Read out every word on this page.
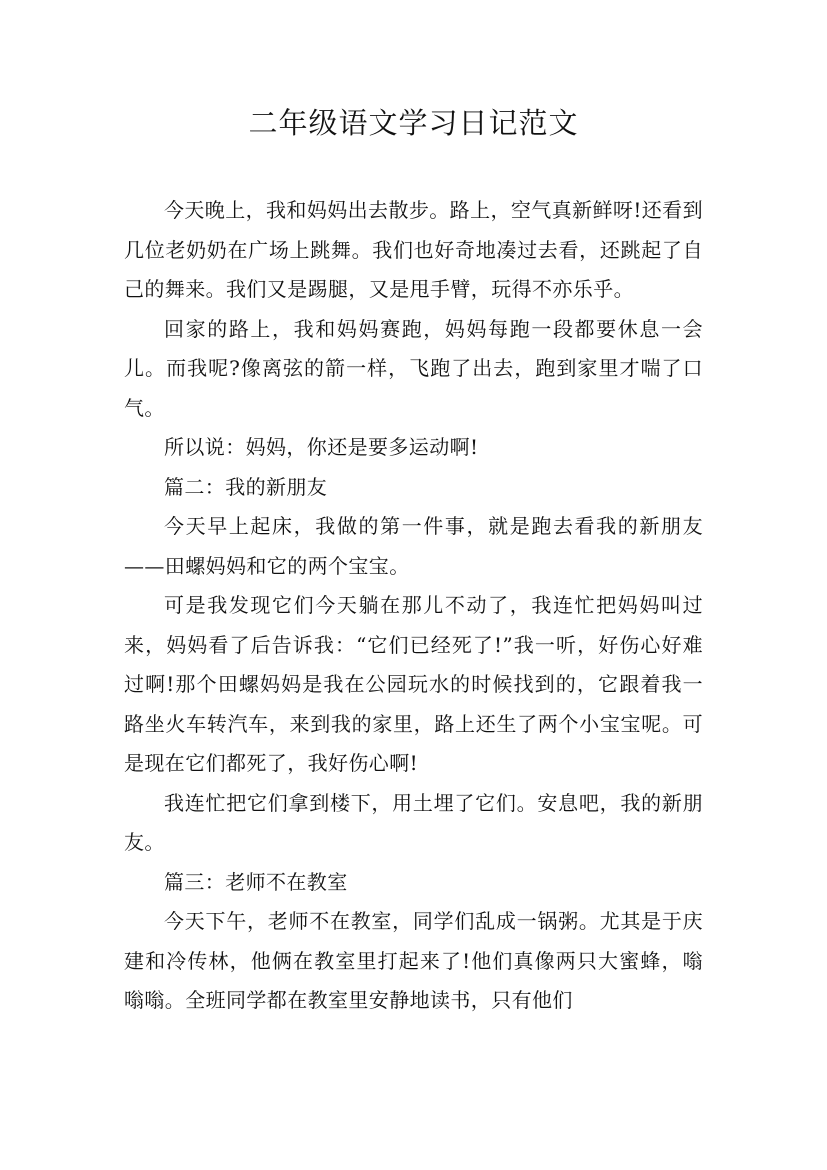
二年级语文学习日记范文

今天晚上，我和妈妈出去散步。路上，空气真新鲜呀!还看到几位老奶奶在广场上跳舞。我们也好奇地凑过去看，还跳起了自己的舞来。我们又是踢腿，又是甩手臂，玩得不亦乐乎。

回家的路上，我和妈妈赛跑，妈妈每跑一段都要休息一会儿。而我呢?像离弦的箭一样，飞跑了出去，跑到家里才喘了口气。

所以说：妈妈，你还是要多运动啊!

篇二：我的新朋友

今天早上起床，我做的第一件事，就是跑去看我的新朋友——田螺妈妈和它的两个宝宝。

可是我发现它们今天躺在那儿不动了，我连忙把妈妈叫过来，妈妈看了后告诉我：“它们已经死了!”我一听，好伤心好难过啊!那个田螺妈妈是我在公园玩水的时候找到的，它跟着我一路坐火车转汽车，来到我的家里，路上还生了两个小宝宝呢。可是现在它们都死了，我好伤心啊!

我连忙把它们拿到楼下，用土埋了它们。安息吧，我的新朋友。

篇三：老师不在教室

今天下午，老师不在教室，同学们乱成一锅粥。尤其是于庆建和冷传林，他俩在教室里打起来了!他们真像两只大蜜蜂，嗡嗡嗡。全班同学都在教室里安静地读书，只有他们
